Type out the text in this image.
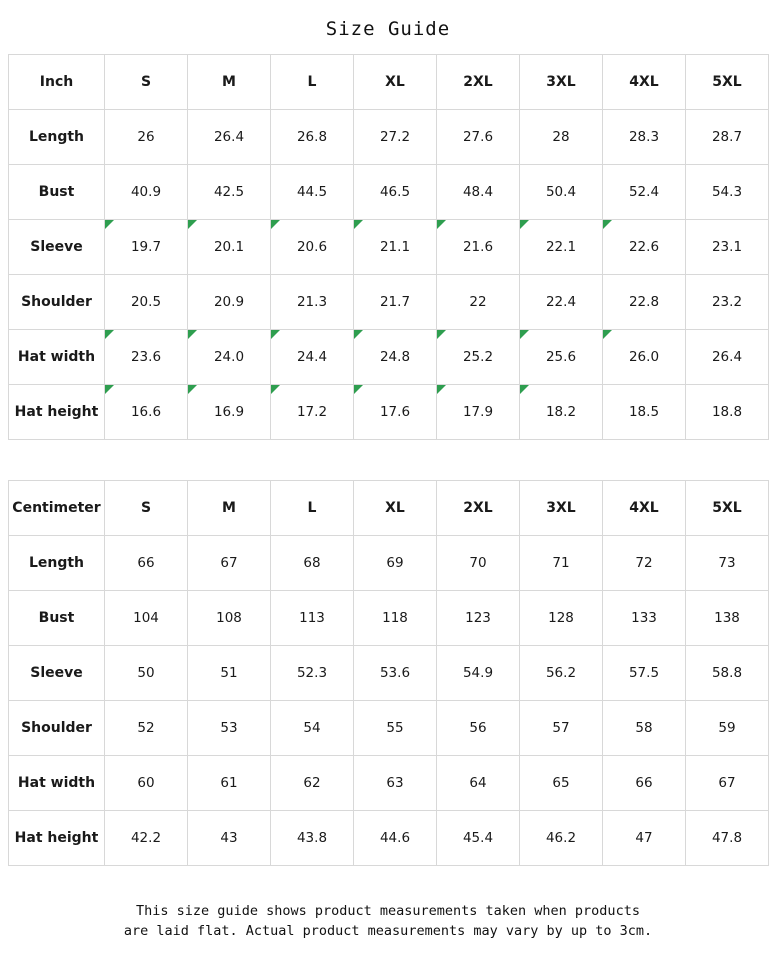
Size Guide
Inch	S	M	L	XL	2XL	3XL	4XL	5XL
Length	26	26.4	26.8	27.2	27.6	28	28.3	28.7
Bust	40.9	42.5	44.5	46.5	48.4	50.4	52.4	54.3
Sleeve	19.7	20.1	20.6	21.1	21.6	22.1	22.6	23.1
Shoulder	20.5	20.9	21.3	21.7	22	22.4	22.8	23.2
Hat width	23.6	24.0	24.4	24.8	25.2	25.6	26.0	26.4
Hat height	16.6	16.9	17.2	17.6	17.9	18.2	18.5	18.8
Centimeter	S	M	L	XL	2XL	3XL	4XL	5XL
Length	66	67	68	69	70	71	72	73
Bust	104	108	113	118	123	128	133	138
Sleeve	50	51	52.3	53.6	54.9	56.2	57.5	58.8
Shoulder	52	53	54	55	56	57	58	59
Hat width	60	61	62	63	64	65	66	67
Hat height	42.2	43	43.8	44.6	45.4	46.2	47	47.8
This size guide shows product measurements taken when products
are laid flat. Actual product measurements may vary by up to 3cm.
